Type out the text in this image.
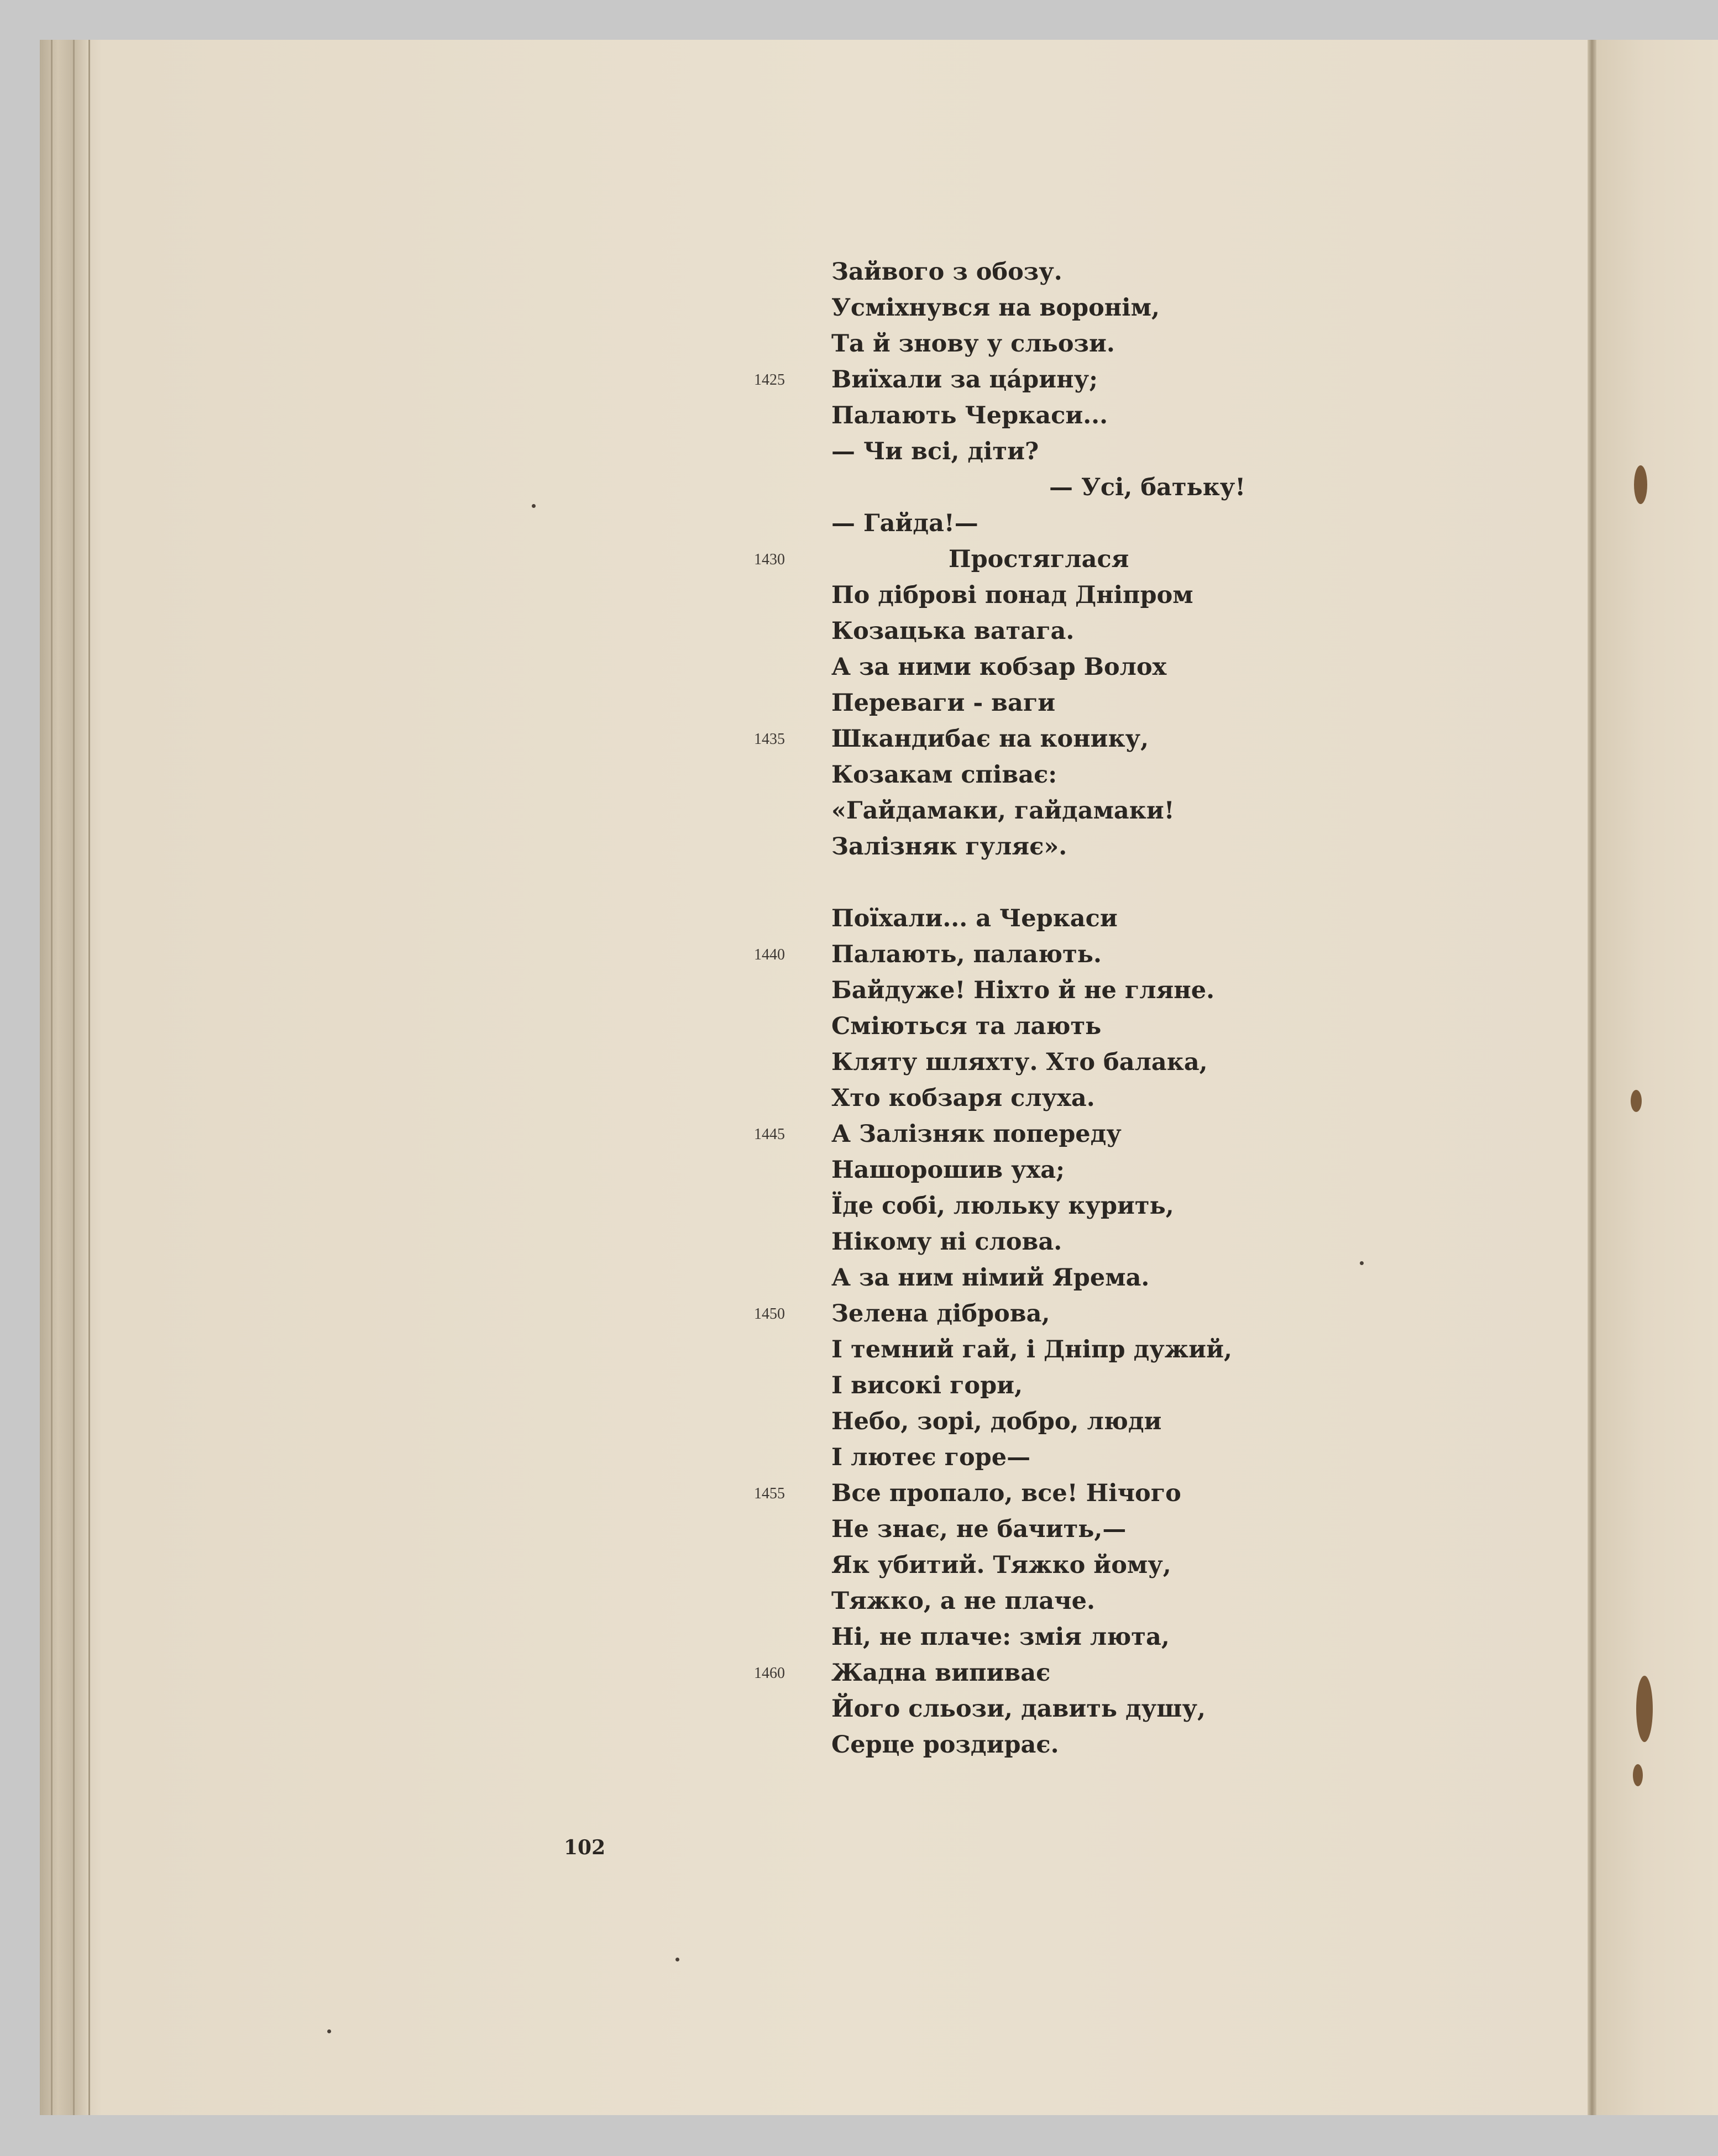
Зайвого з обозу.
Усміхнувся на воронім,
Та й знову у сльози.
1425	Виїхали за ца́рину;
Палають Черкаси...
— Чи всі, діти?
— Усі, батьку!
— Гайда!—
1430	Простяглася
По діброві понад Дніпром
Козацька ватага.
А за ними кобзар Волох
Переваги - ваги
1435	Шкандибає на конику,
Козакам співає:
«Гайдамаки, гайдамаки!
Залізняк гуляє».
Поїхали... а Черкаси
1440	Палають, палають.
Байдуже! Ніхто й не гляне.
Сміються та лають
Кляту шляхту. Хто балака,
Хто кобзаря слуха.
1445	А Залізняк попереду
Нашорошив уха;
Їде собі, люльку курить,
Нікому ні слова.
А за ним німий Ярема.
1450	Зелена діброва,
І темний гай, і Дніпр дужий,
І високі гори,
Небо, зорі, добро, люди
І лютеє горе—
1455	Все пропало, все! Нічого
Не знає, не бачить,—
Як убитий. Тяжко йому,
Тяжко, а не плаче.
Ні, не плаче: змія люта,
1460	Жадна випиває
Його сльози, давить душу,
Серце роздирає.
102
